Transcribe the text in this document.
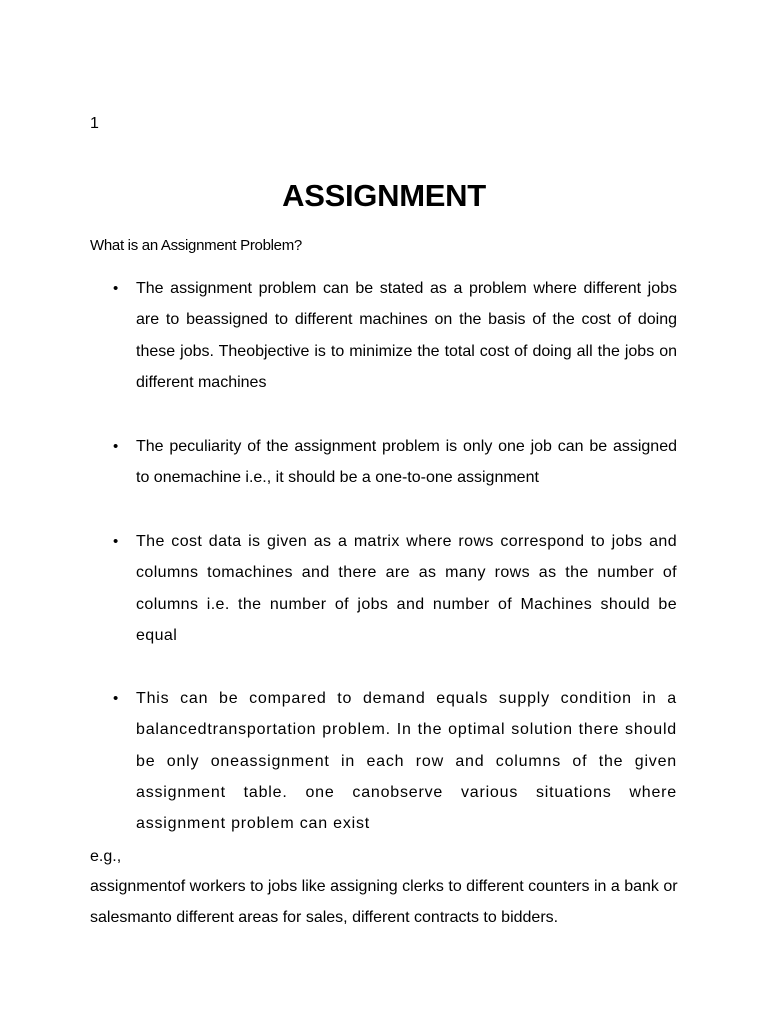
1
ASSIGNMENT
What is an Assignment Problem?
• The assignment problem can be stated as a problem where different jobs are to beassigned to different machines on the basis of the cost of doing these jobs. Theobjective is to minimize the total cost of doing all the jobs on different machines
• The peculiarity of the assignment problem is only one job can be assigned to onemachine i.e., it should be a one-to-one assignment
• The cost data is given as a matrix where rows correspond to jobs and columns tomachines and there are as many rows as the number of columns i.e. the number of jobs and number of Machines should be equal
• This can be compared to demand equals supply condition in a balancedtransportation problem. In the optimal solution there should be only oneassignment in each row and columns of the given assignment table. one canobserve various situations where assignment problem can exist
e.g.,
assignmentof workers to jobs like assigning clerks to different counters in a bank or salesmanto different areas for sales, different contracts to bidders.
